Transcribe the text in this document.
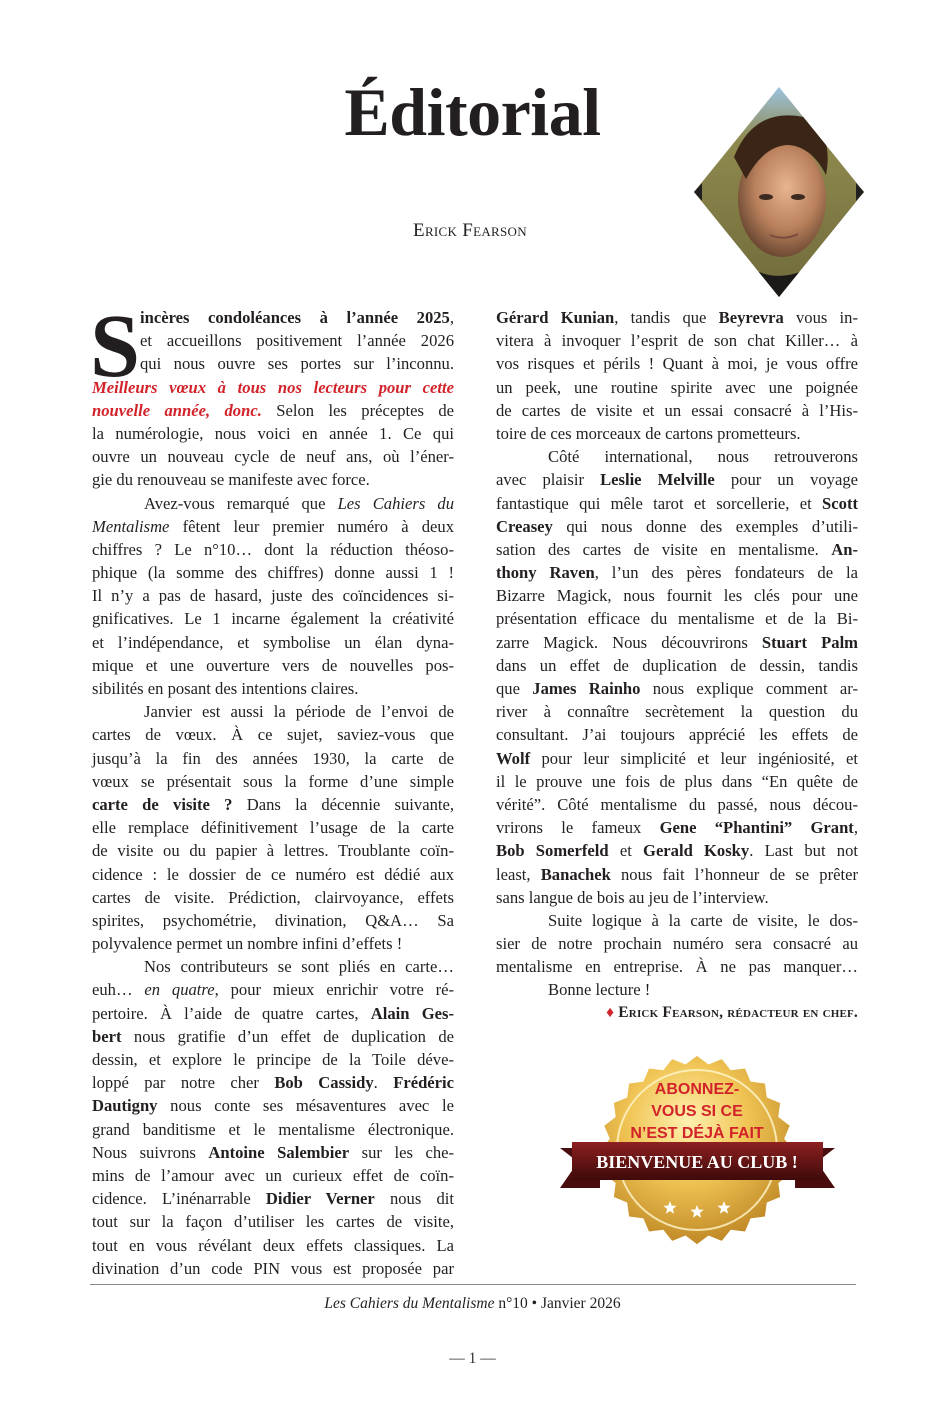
Éditorial
Erick Fearson
S incères condoléances à l’année 2025,
et accueillons positivement l’année 2026
qui nous ouvre ses portes sur l’inconnu.
Meilleurs vœux à tous nos lecteurs pour cette
nouvelle année, donc. Selon les préceptes de
la numérologie, nous voici en année 1. Ce qui
ouvre un nouveau cycle de neuf ans, où l’éner-
gie du renouveau se manifeste avec force.
Avez-vous remarqué que Les Cahiers du
Mentalisme fêtent leur premier numéro à deux
chiffres ? Le n°10… dont la réduction théoso-
phique (la somme des chiffres) donne aussi 1 !
Il n’y a pas de hasard, juste des coïncidences si-
gnificatives. Le 1 incarne également la créativité
et l’indépendance, et symbolise un élan dyna-
mique et une ouverture vers de nouvelles pos-
sibilités en posant des intentions claires.
Janvier est aussi la période de l’envoi de
cartes de vœux. À ce sujet, saviez-vous que
jusqu’à la fin des années 1930, la carte de
vœux se présentait sous la forme d’une simple
carte de visite ? Dans la décennie suivante,
elle remplace définitivement l’usage de la carte
de visite ou du papier à lettres. Troublante coïn-
cidence : le dossier de ce numéro est dédié aux
cartes de visite. Prédiction, clairvoyance, effets
spirites, psychométrie, divination, Q&A… Sa
polyvalence permet un nombre infini d’effets !
Nos contributeurs se sont pliés en carte…
euh… en quatre, pour mieux enrichir votre ré-
pertoire. À l’aide de quatre cartes, Alain Ges-
bert nous gratifie d’un effet de duplication de
dessin, et explore le principe de la Toile déve-
loppé par notre cher Bob Cassidy. Frédéric
Dautigny nous conte ses mésaventures avec le
grand banditisme et le mentalisme électronique.
Nous suivrons Antoine Salembier sur les che-
mins de l’amour avec un curieux effet de coïn-
cidence. L’inénarrable Didier Verner nous dit
tout sur la façon d’utiliser les cartes de visite,
tout en vous révélant deux effets classiques. La
divination d’un code PIN vous est proposée par
Gérard Kunian, tandis que Beyrevra vous in-
vitera à invoquer l’esprit de son chat Killer… à
vos risques et périls ! Quant à moi, je vous offre
un peek, une routine spirite avec une poignée
de cartes de visite et un essai consacré à l’His-
toire de ces morceaux de cartons prometteurs.
Côté international, nous retrouverons
avec plaisir Leslie Melville pour un voyage
fantastique qui mêle tarot et sorcellerie, et Scott
Creasey qui nous donne des exemples d’utili-
sation des cartes de visite en mentalisme. An-
thony Raven, l’un des pères fondateurs de la
Bizarre Magick, nous fournit les clés pour une
présentation efficace du mentalisme et de la Bi-
zarre Magick. Nous découvrirons Stuart Palm
dans un effet de duplication de dessin, tandis
que James Rainho nous explique comment ar-
river à connaître secrètement la question du
consultant. J’ai toujours apprécié les effets de
Wolf pour leur simplicité et leur ingéniosité, et
il le prouve une fois de plus dans “En quête de
vérité”. Côté mentalisme du passé, nous décou-
vrirons le fameux Gene “Phantini” Grant,
Bob Somerfeld et Gerald Kosky. Last but not
least, Banachek nous fait l’honneur de se prêter
sans langue de bois au jeu de l’interview.
Suite logique à la carte de visite, le dos-
sier de notre prochain numéro sera consacré au
mentalisme en entreprise. À ne pas manquer…
Bonne lecture !
♦ Erick Fearson, rédacteur en chef.
ABONNEZ-
VOUS SI CE
N’EST DÉJÀ FAIT
BIENVENUE AU CLUB !
Les Cahiers du Mentalisme n°10 • Janvier 2026
— 1 —
